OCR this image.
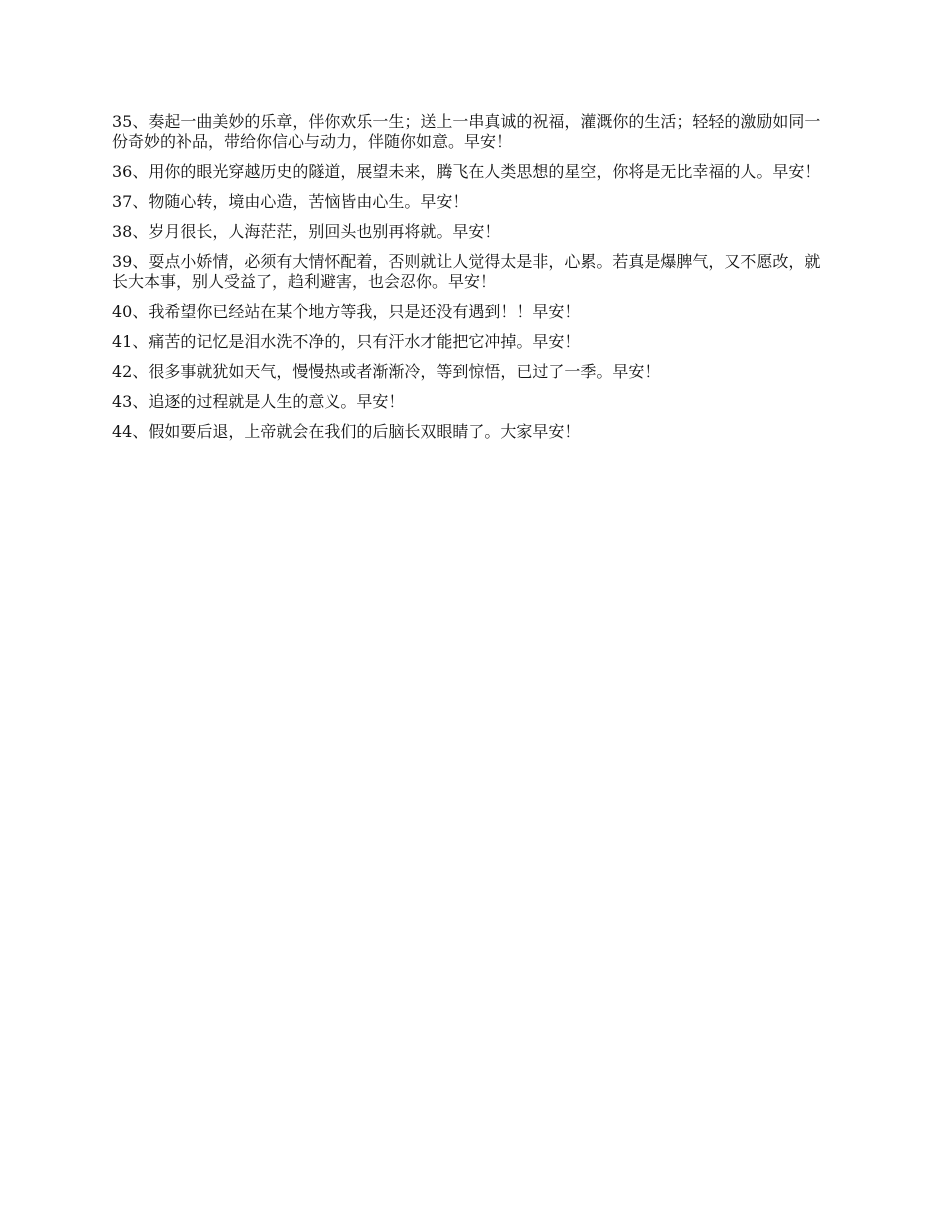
35、奏起一曲美妙的乐章，伴你欢乐一生；送上一串真诚的祝福，灌溉你的生活；轻轻的激励如同一份奇妙的补品，带给你信心与动力，伴随你如意。早安！

36、用你的眼光穿越历史的隧道，展望未来，腾飞在人类思想的星空，你将是无比幸福的人。早安！

37、物随心转，境由心造，苦恼皆由心生。早安！

38、岁月很长，人海茫茫，别回头也别再将就。早安！

39、耍点小娇情，必须有大情怀配着，否则就让人觉得太是非，心累。若真是爆脾气，又不愿改，就长大本事，别人受益了，趋利避害，也会忍你。早安！

40、我希望你已经站在某个地方等我，只是还没有遇到！！早安！

41、痛苦的记忆是泪水洗不净的，只有汗水才能把它冲掉。早安！

42、很多事就犹如天气，慢慢热或者渐渐冷，等到惊悟，已过了一季。早安！

43、追逐的过程就是人生的意义。早安！

44、假如要后退，上帝就会在我们的后脑长双眼睛了。大家早安！
